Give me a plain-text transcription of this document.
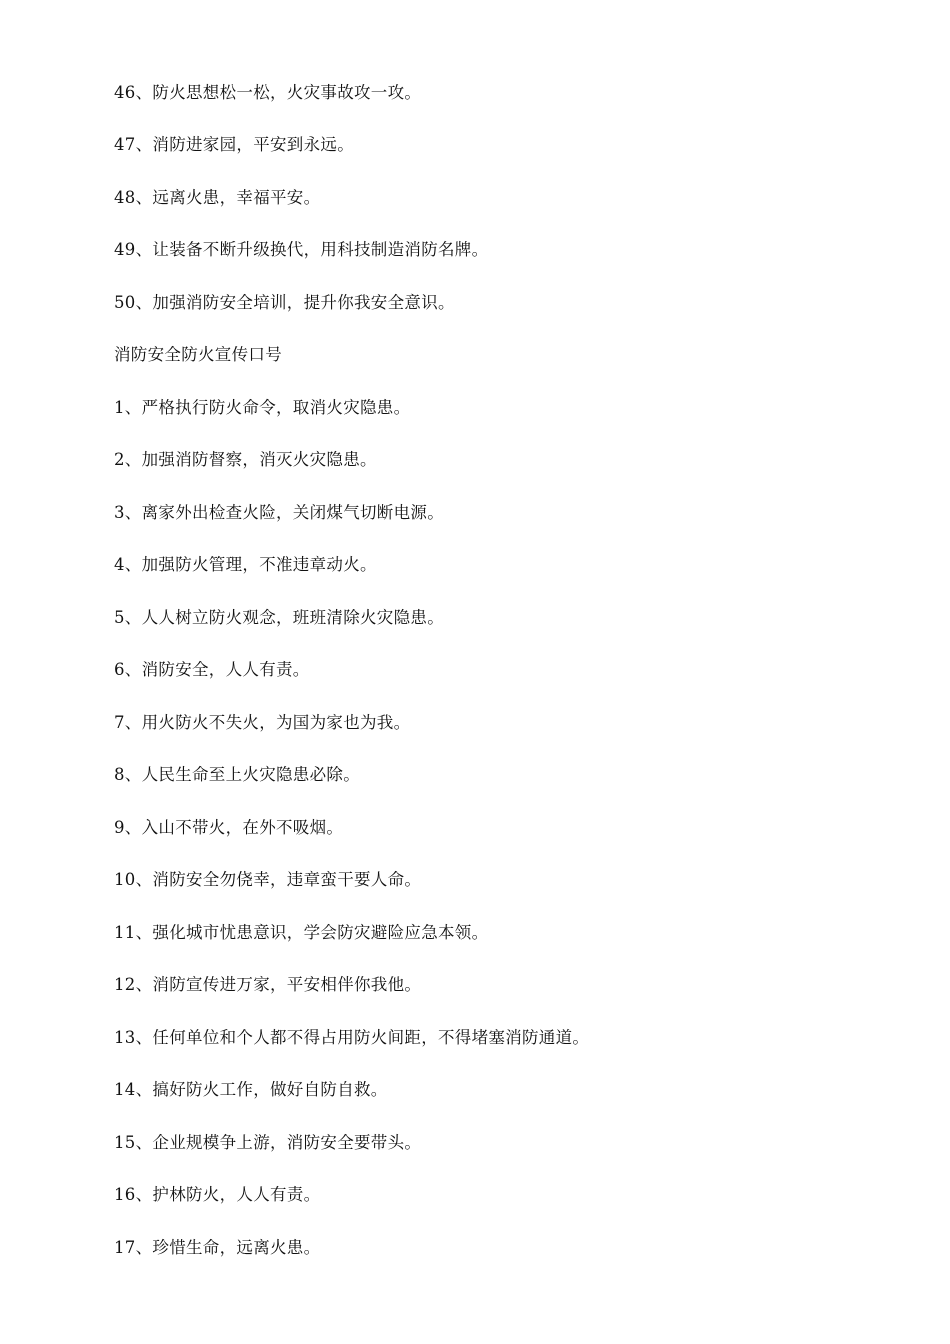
46、防火思想松一松，火灾事故攻一攻。

47、消防进家园，平安到永远。

48、远离火患，幸福平安。

49、让装备不断升级换代，用科技制造消防名牌。

50、加强消防安全培训，提升你我安全意识。

消防安全防火宣传口号

1、严格执行防火命令，取消火灾隐患。

2、加强消防督察，消灭火灾隐患。

3、离家外出检查火险，关闭煤气切断电源。

4、加强防火管理，不准违章动火。

5、人人树立防火观念，班班清除火灾隐患。

6、消防安全，人人有责。

7、用火防火不失火，为国为家也为我。

8、人民生命至上火灾隐患必除。

9、入山不带火，在外不吸烟。

10、消防安全勿侥幸，违章蛮干要人命。

11、强化城市忧患意识，学会防灾避险应急本领。

12、消防宣传进万家，平安相伴你我他。

13、任何单位和个人都不得占用防火间距，不得堵塞消防通道。

14、搞好防火工作，做好自防自救。

15、企业规模争上游，消防安全要带头。

16、护林防火，人人有责。

17、珍惜生命，远离火患。
